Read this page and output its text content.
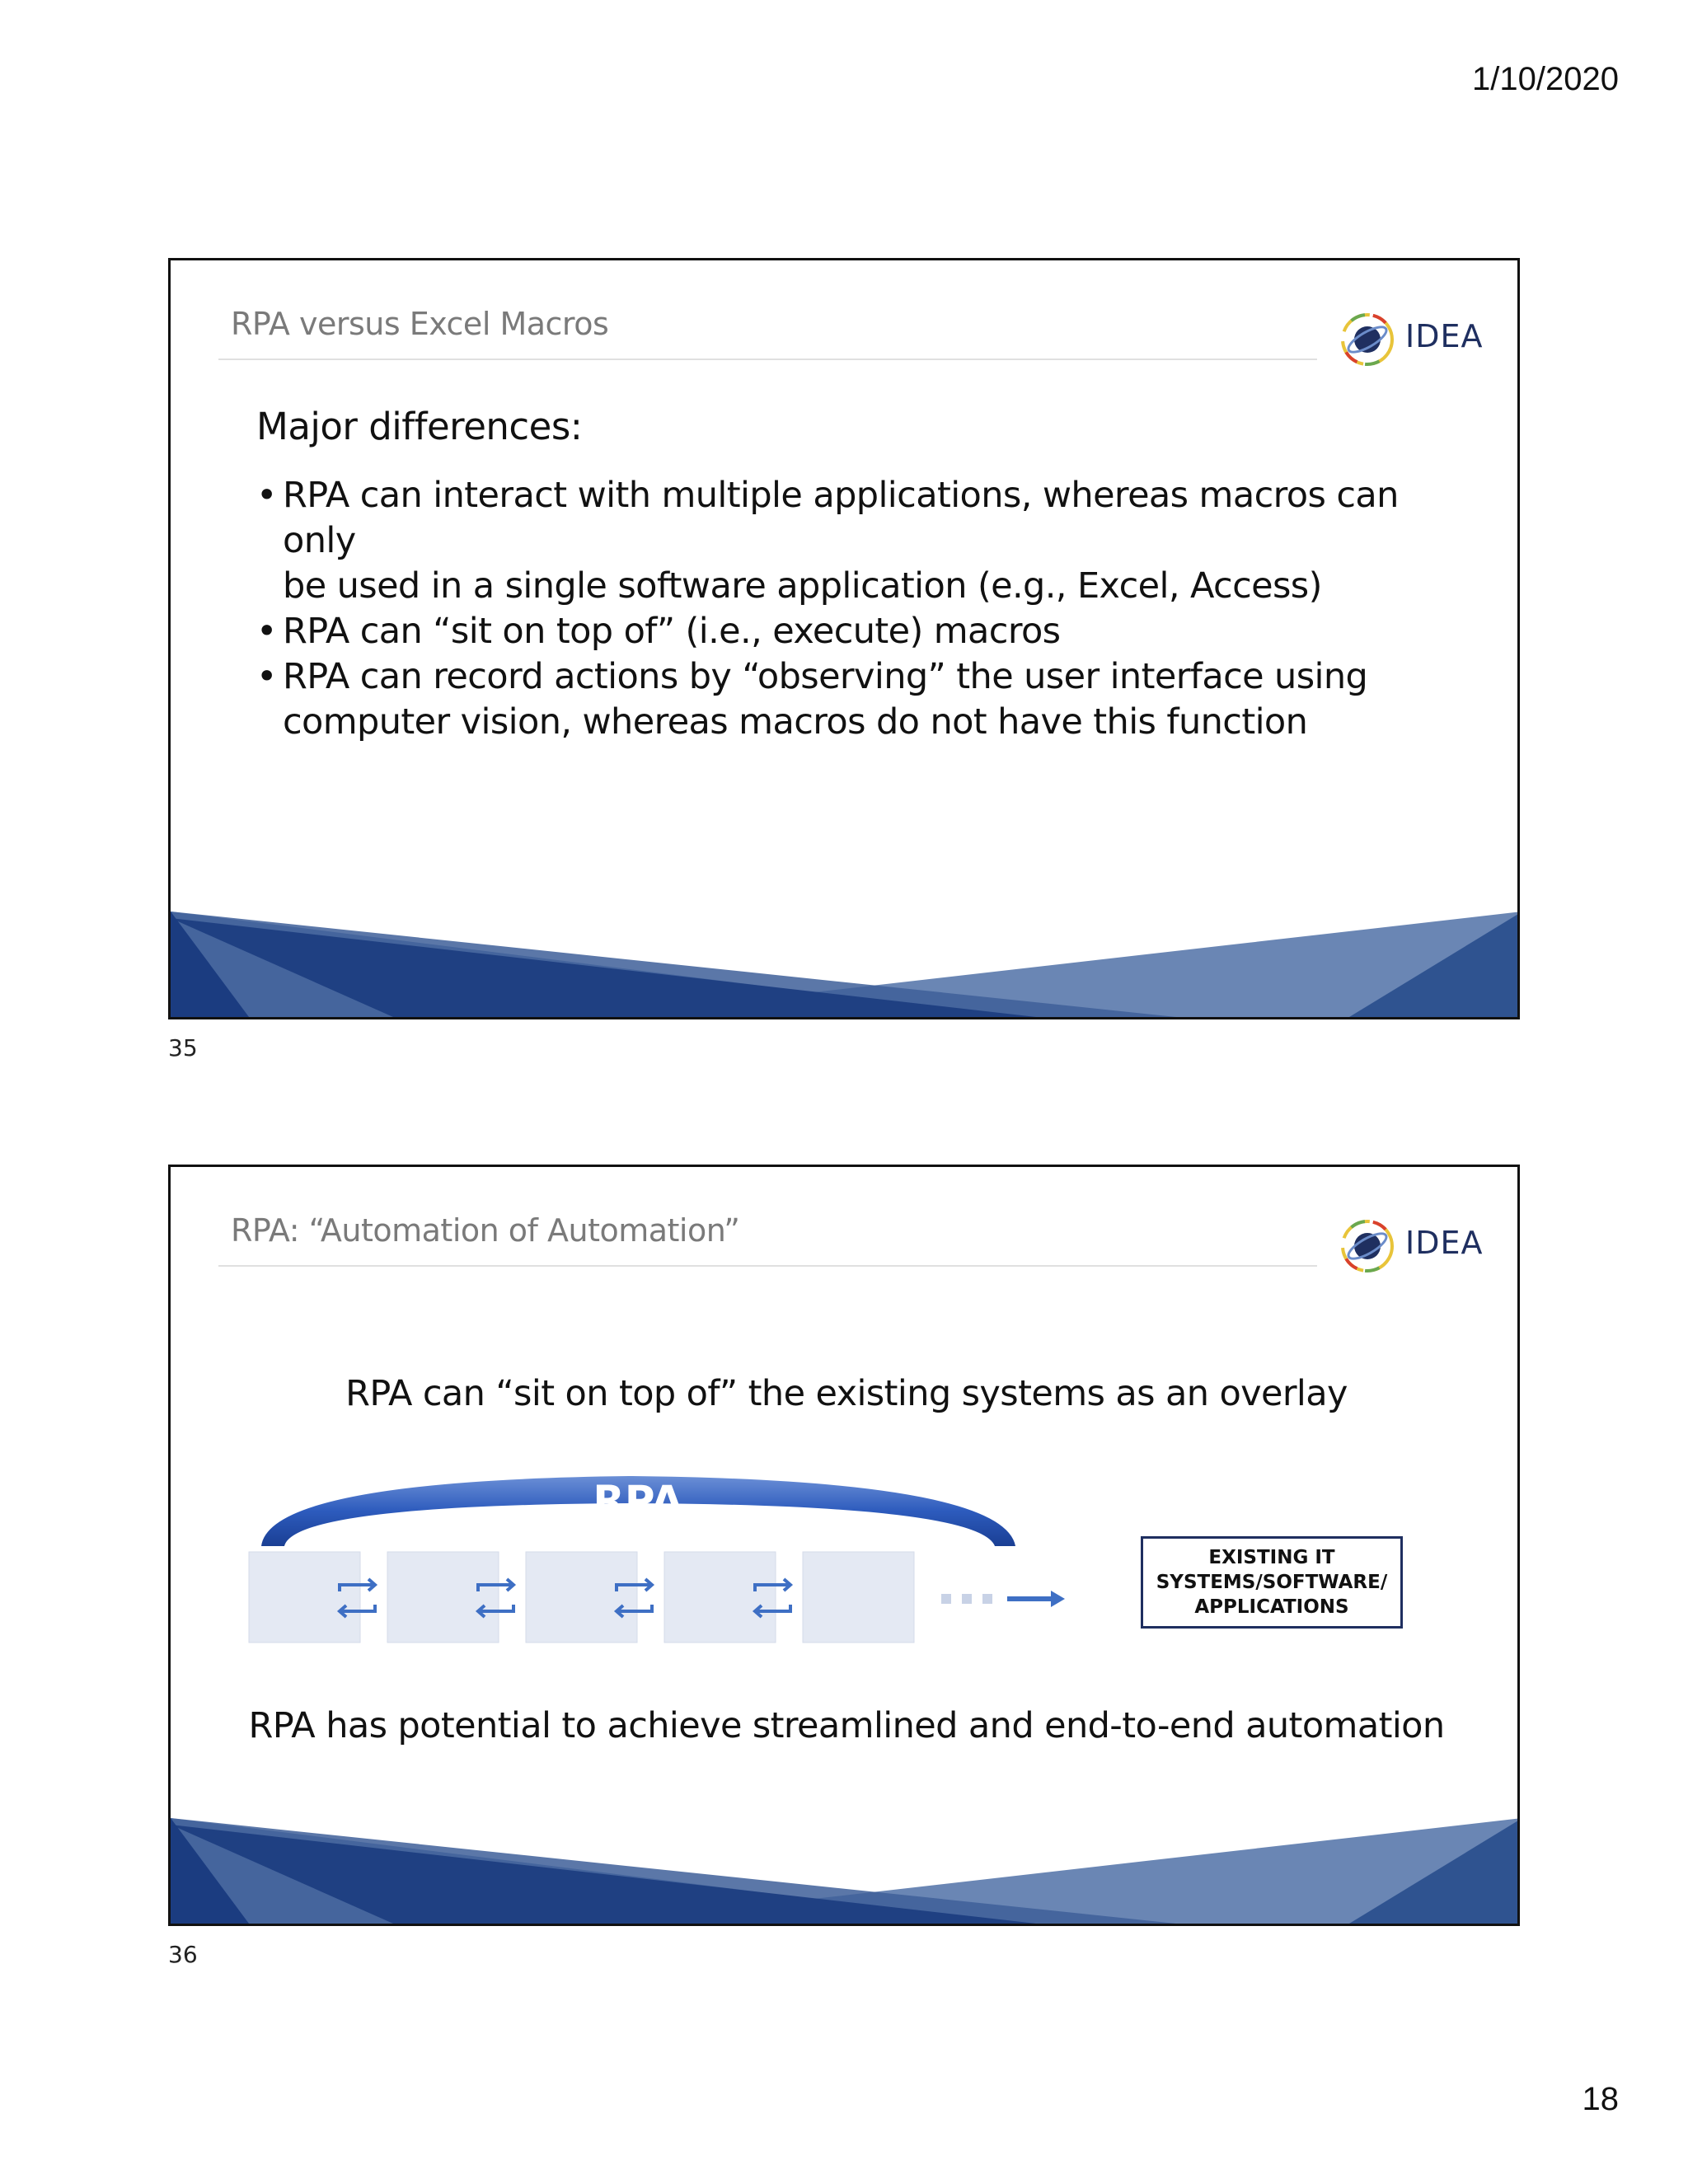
1/10/2020
RPA versus Excel Macros	IDEA
Major differences:
• RPA can interact with multiple applications, whereas macros can only
be used in a single software application (e.g., Excel, Access)
• RPA can “sit on top of” (i.e., execute) macros
• RPA can record actions by “observing” the user interface using
computer vision, whereas macros do not have this function
35
RPA: “Automation of Automation”	IDEA
RPA can “sit on top of” the existing systems as an overlay
RPA
EXISTING IT
SYSTEMS/SOFTWARE/
APPLICATIONS
RPA has potential to achieve streamlined and end-to-end automation
36
18
